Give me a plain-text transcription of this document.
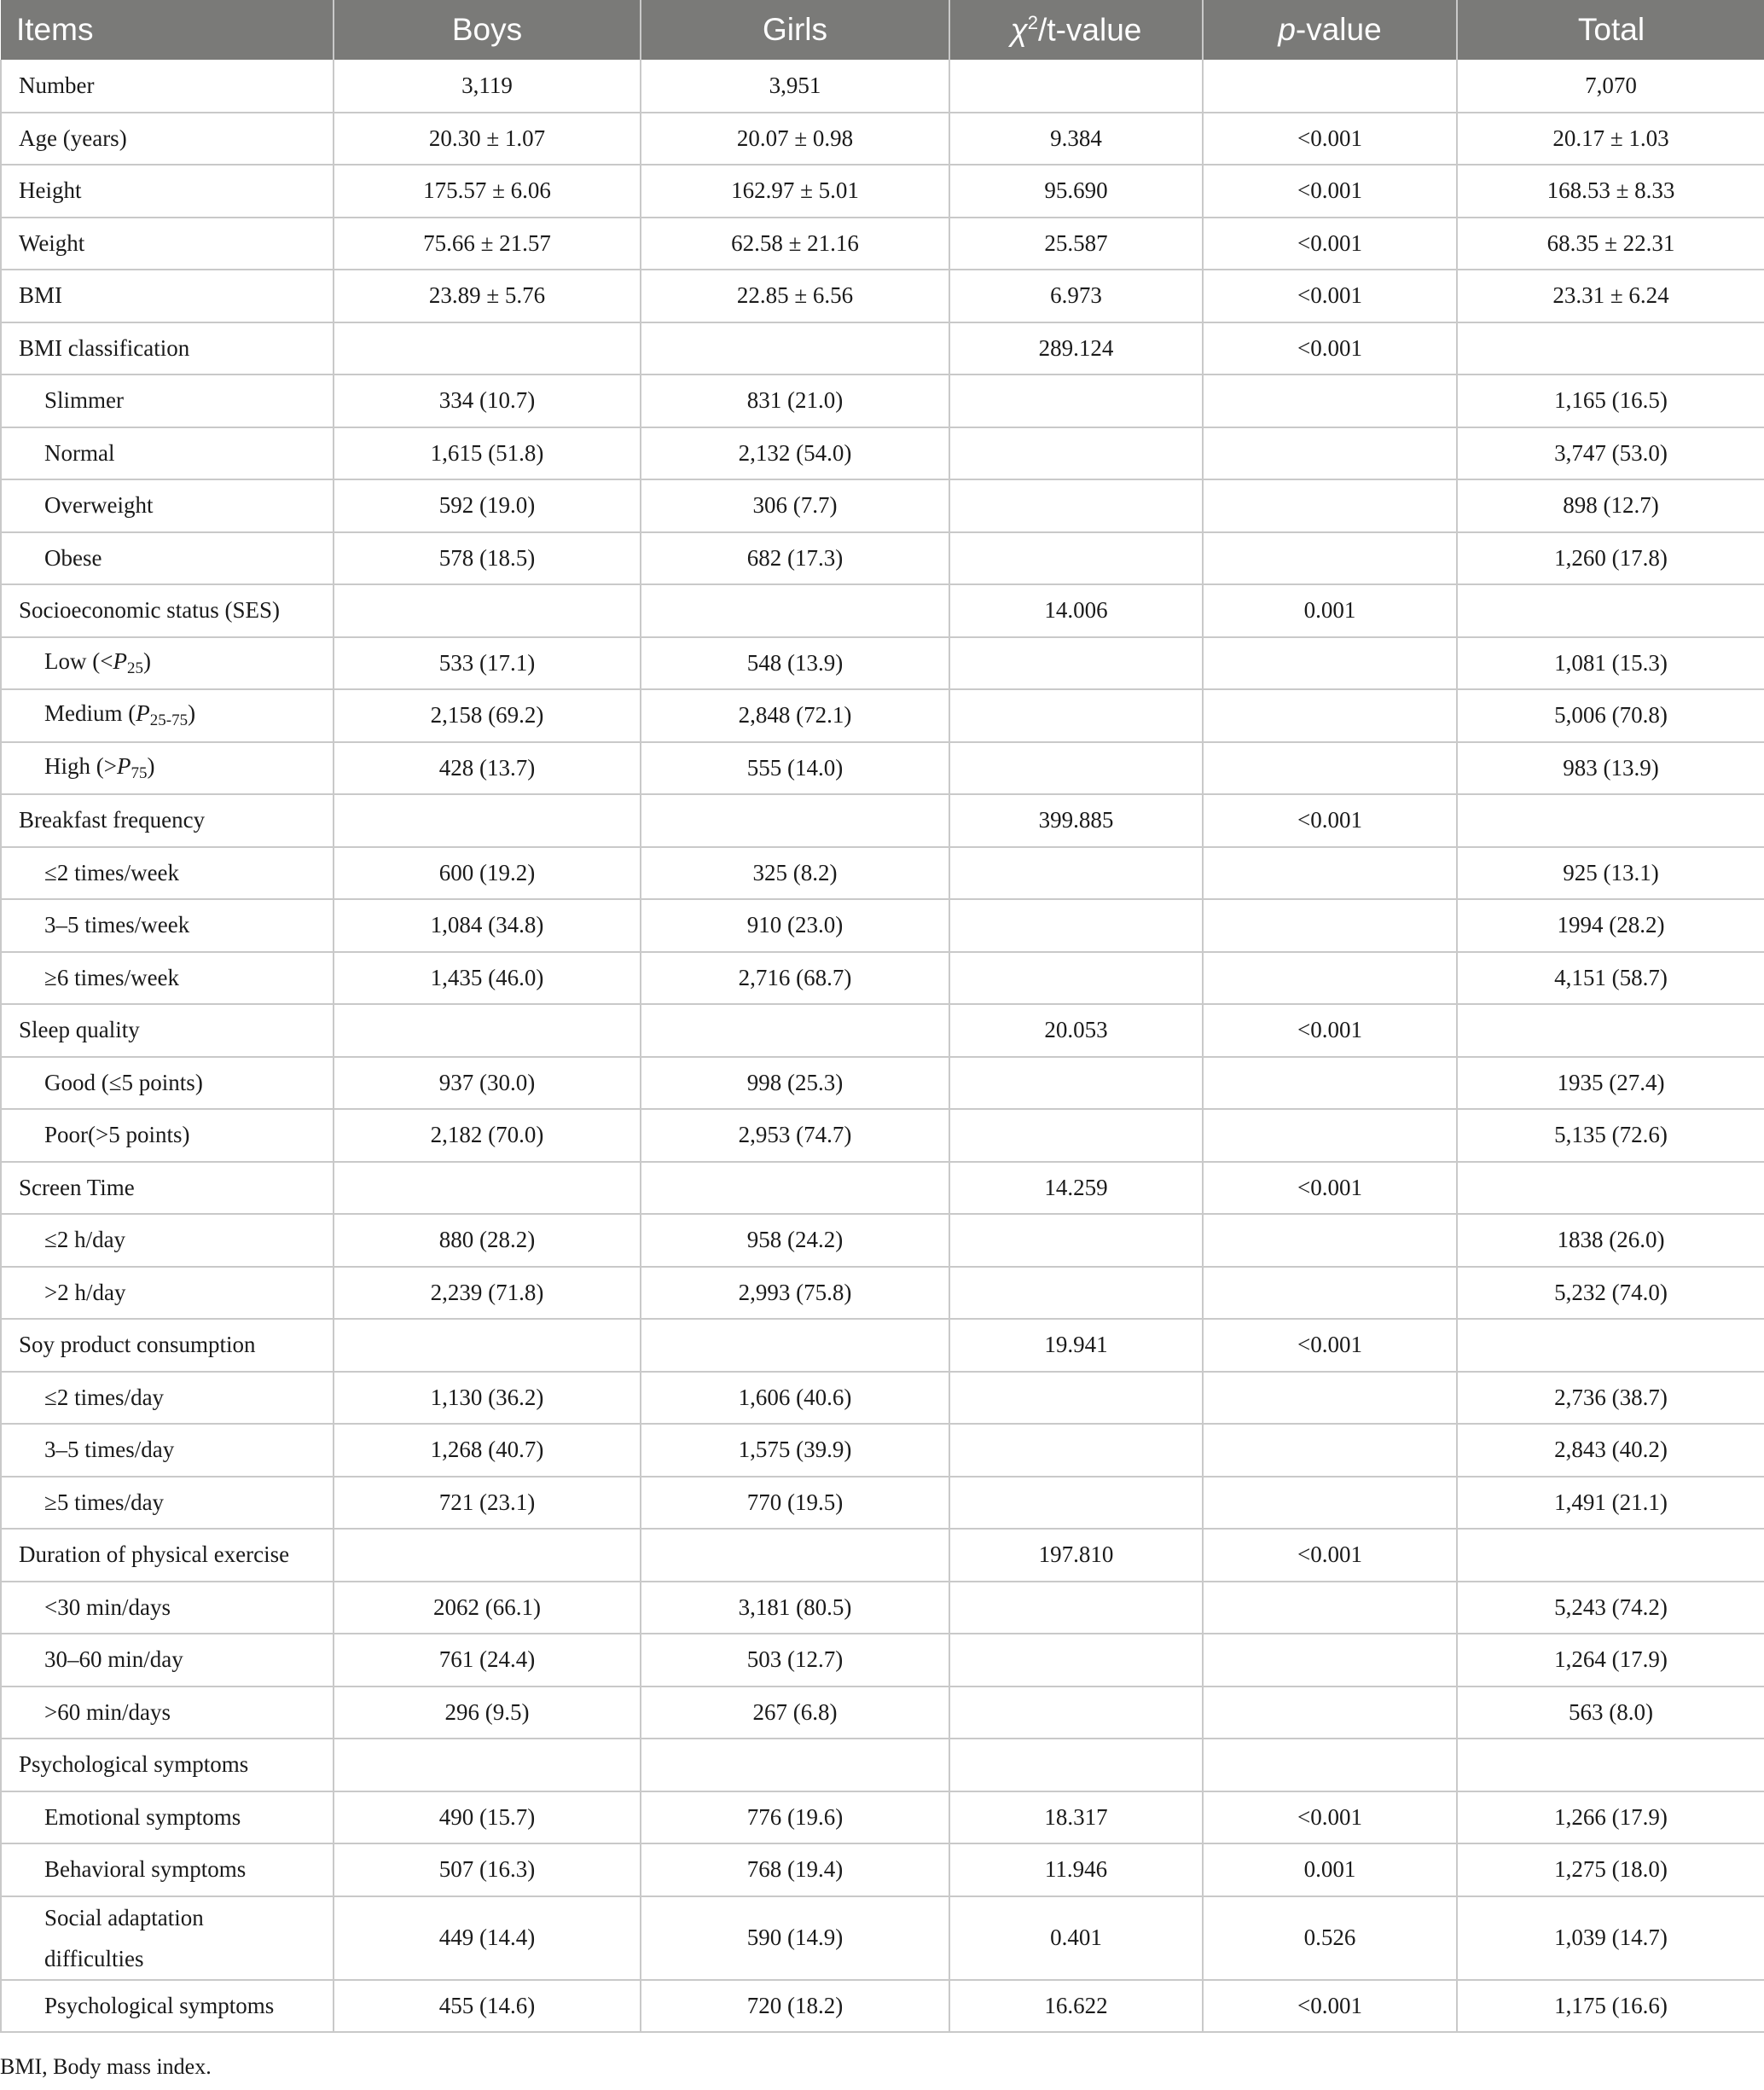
Items	Boys	Girls	$\chi^2/t$-value	p-value	Total
Number	3,119	3,951			7,070
Age (years)	20.30 ± 1.07	20.07 ± 0.98	9.384	<0.001	20.17 ± 1.03
Height	175.57 ± 6.06	162.97 ± 5.01	95.690	<0.001	168.53 ± 8.33
Weight	75.66 ± 21.57	62.58 ± 21.16	25.587	<0.001	68.35 ± 22.31
BMI	23.89 ± 5.76	22.85 ± 6.56	6.973	<0.001	23.31 ± 6.24
BMI classification			289.124	<0.001	
Slimmer	334 (10.7)	831 (21.0)			1,165 (16.5)
Normal	1,615 (51.8)	2,132 (54.0)			3,747 (53.0)
Overweight	592 (19.0)	306 (7.7)			898 (12.7)
Obese	578 (18.5)	682 (17.3)			1,260 (17.8)
Socioeconomic status (SES)			14.006	0.001	
Low (<P25)	533 (17.1)	548 (13.9)			1,081 (15.3)
Medium (P25-75)	2,158 (69.2)	2,848 (72.1)			5,006 (70.8)
High (>P75)	428 (13.7)	555 (14.0)			983 (13.9)
Breakfast frequency			399.885	<0.001	
≤2 times/week	600 (19.2)	325 (8.2)			925 (13.1)
3–5 times/week	1,084 (34.8)	910 (23.0)			1994 (28.2)
≥6 times/week	1,435 (46.0)	2,716 (68.7)			4,151 (58.7)
Sleep quality			20.053	<0.001	
Good (≤5 points)	937 (30.0)	998 (25.3)			1935 (27.4)
Poor(>5 points)	2,182 (70.0)	2,953 (74.7)			5,135 (72.6)
Screen Time			14.259	<0.001	
≤2 h/day	880 (28.2)	958 (24.2)			1838 (26.0)
>2 h/day	2,239 (71.8)	2,993 (75.8)			5,232 (74.0)
Soy product consumption			19.941	<0.001	
≤2 times/day	1,130 (36.2)	1,606 (40.6)			2,736 (38.7)
3–5 times/day	1,268 (40.7)	1,575 (39.9)			2,843 (40.2)
≥5 times/day	721 (23.1)	770 (19.5)			1,491 (21.1)
Duration of physical exercise			197.810	<0.001	
<30 min/days	2062 (66.1)	3,181 (80.5)			5,243 (74.2)
30–60 min/day	761 (24.4)	503 (12.7)			1,264 (17.9)
>60 min/days	296 (9.5)	267 (6.8)			563 (8.0)
Psychological symptoms					
Emotional symptoms	490 (15.7)	776 (19.6)	18.317	<0.001	1,266 (17.9)
Behavioral symptoms	507 (16.3)	768 (19.4)	11.946	0.001	1,275 (18.0)
Social adaptation difficulties	449 (14.4)	590 (14.9)	0.401	0.526	1,039 (14.7)
Psychological symptoms	455 (14.6)	720 (18.2)	16.622	<0.001	1,175 (16.6)
BMI, Body mass index.
